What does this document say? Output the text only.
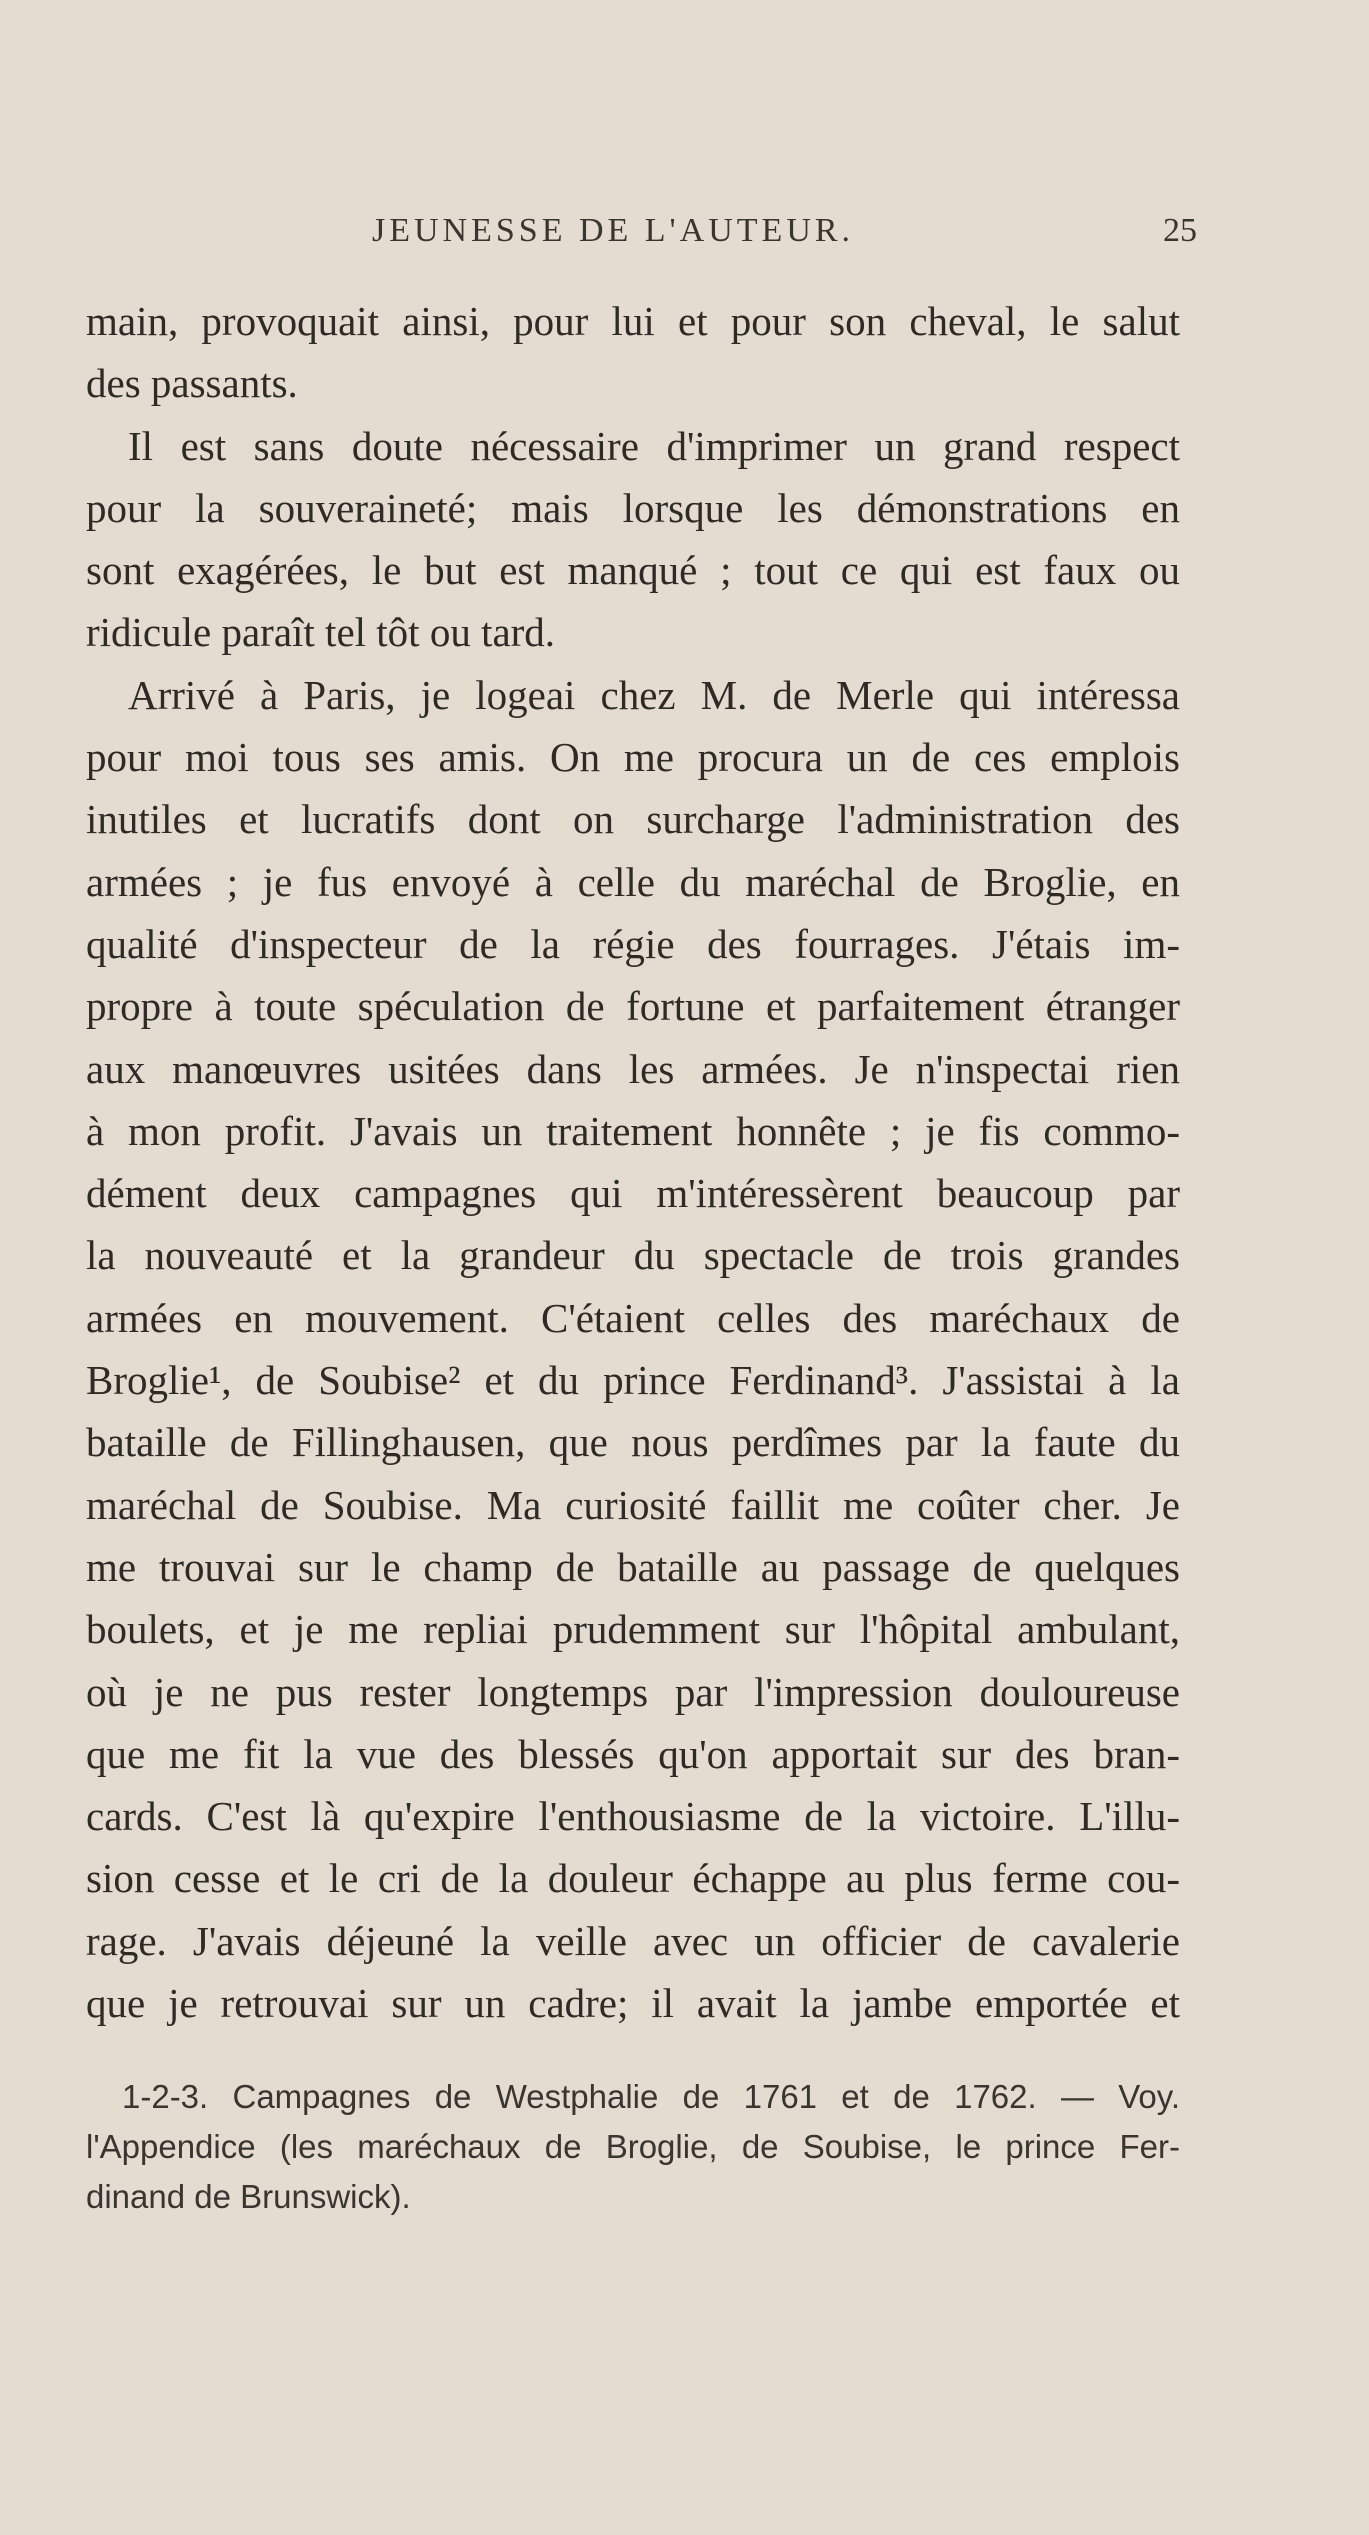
JEUNESSE DE L'AUTEUR.	25
main, provoquait ainsi, pour lui et pour son cheval, le salut
des passants.
Il est sans doute nécessaire d'imprimer un grand respect
pour la souveraineté; mais lorsque les démonstrations en
sont exagérées, le but est manqué ; tout ce qui est faux ou
ridicule paraît tel tôt ou tard.
Arrivé à Paris, je logeai chez M. de Merle qui intéressa
pour moi tous ses amis. On me procura un de ces emplois
inutiles et lucratifs dont on surcharge l'administration des
armées ; je fus envoyé à celle du maréchal de Broglie, en
qualité d'inspecteur de la régie des fourrages. J'étais im-
propre à toute spéculation de fortune et parfaitement étranger
aux manœuvres usitées dans les armées. Je n'inspectai rien
à mon profit. J'avais un traitement honnête ; je fis commo-
dément deux campagnes qui m'intéressèrent beaucoup par
la nouveauté et la grandeur du spectacle de trois grandes
armées en mouvement. C'étaient celles des maréchaux de
Broglie¹, de Soubise² et du prince Ferdinand³. J'assistai à la
bataille de Fillinghausen, que nous perdîmes par la faute du
maréchal de Soubise. Ma curiosité faillit me coûter cher. Je
me trouvai sur le champ de bataille au passage de quelques
boulets, et je me repliai prudemment sur l'hôpital ambulant,
où je ne pus rester longtemps par l'impression douloureuse
que me fit la vue des blessés qu'on apportait sur des bran-
cards. C'est là qu'expire l'enthousiasme de la victoire. L'illu-
sion cesse et le cri de la douleur échappe au plus ferme cou-
rage. J'avais déjeuné la veille avec un officier de cavalerie
que je retrouvai sur un cadre; il avait la jambe emportée et
1-2-3. Campagnes de Westphalie de 1761 et de 1762. — Voy.
l'Appendice (les maréchaux de Broglie, de Soubise, le prince Fer-
dinand de Brunswick).
